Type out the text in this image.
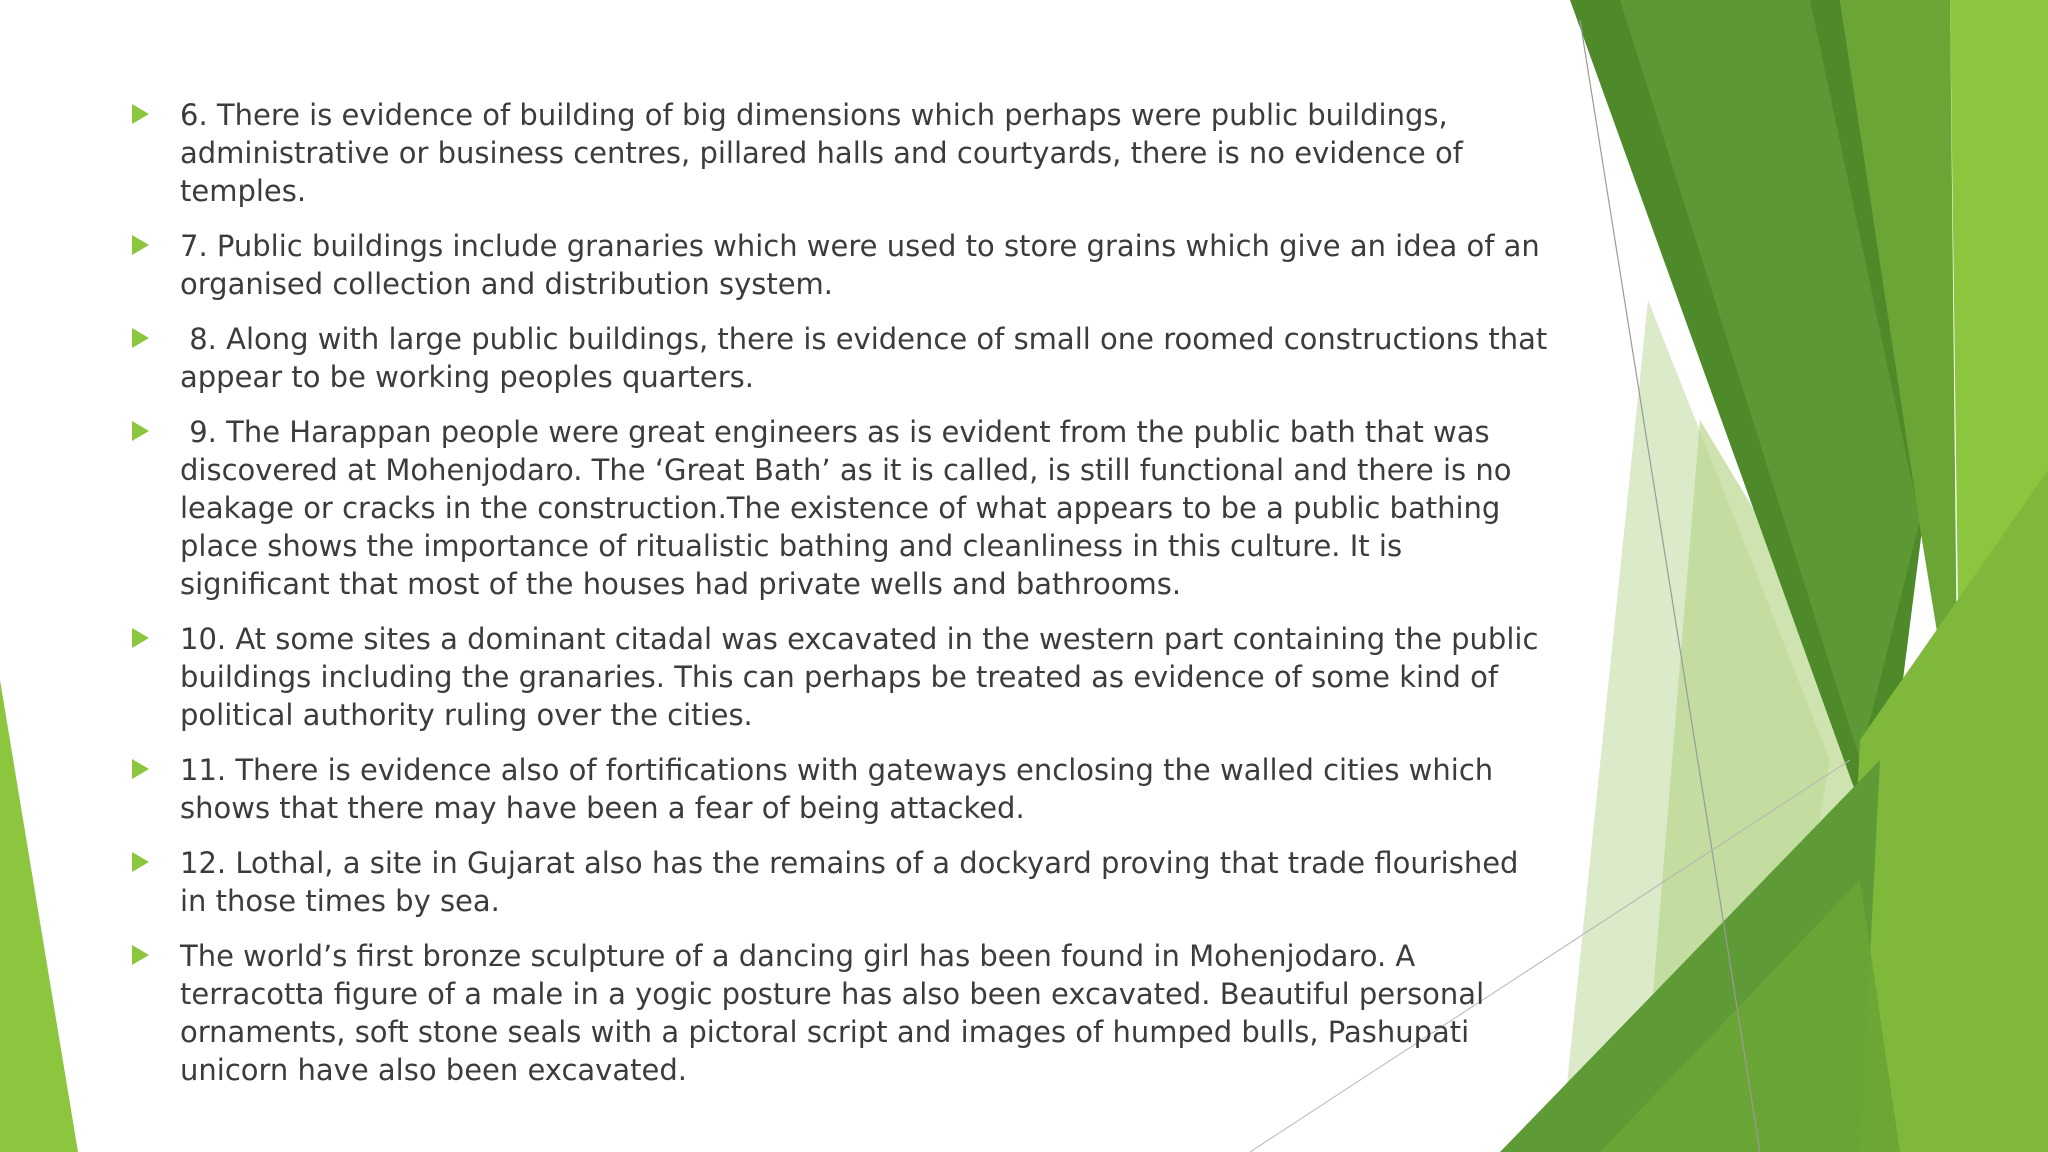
6. There is evidence of building of big dimensions which perhaps were public buildings, administrative or business centres, pillared halls and courtyards, there is no evidence of temples.
7. Public buildings include granaries which were used to store grains which give an idea of an organised collection and distribution system.
8. Along with large public buildings, there is evidence of small one roomed constructions that appear to be working peoples quarters.
9. The Harappan people were great engineers as is evident from the public bath that was discovered at Mohenjodaro. The ‘Great Bath’ as it is called, is still functional and there is no leakage or cracks in the construction.The existence of what appears to be a public bathing place shows the importance of ritualistic bathing and cleanliness in this culture. It is significant that most of the houses had private wells and bathrooms.
10. At some sites a dominant citadal was excavated in the western part containing the public buildings including the granaries. This can perhaps be treated as evidence of some kind of political authority ruling over the cities.
11. There is evidence also of fortifications with gateways enclosing the walled cities which shows that there may have been a fear of being attacked.
12. Lothal, a site in Gujarat also has the remains of a dockyard proving that trade flourished in those times by sea.
The world’s first bronze sculpture of a dancing girl has been found in Mohenjodaro. A terracotta figure of a male in a yogic posture has also been excavated. Beautiful personal ornaments, soft stone seals with a pictoral script and images of humped bulls, Pashupati unicorn have also been excavated.
